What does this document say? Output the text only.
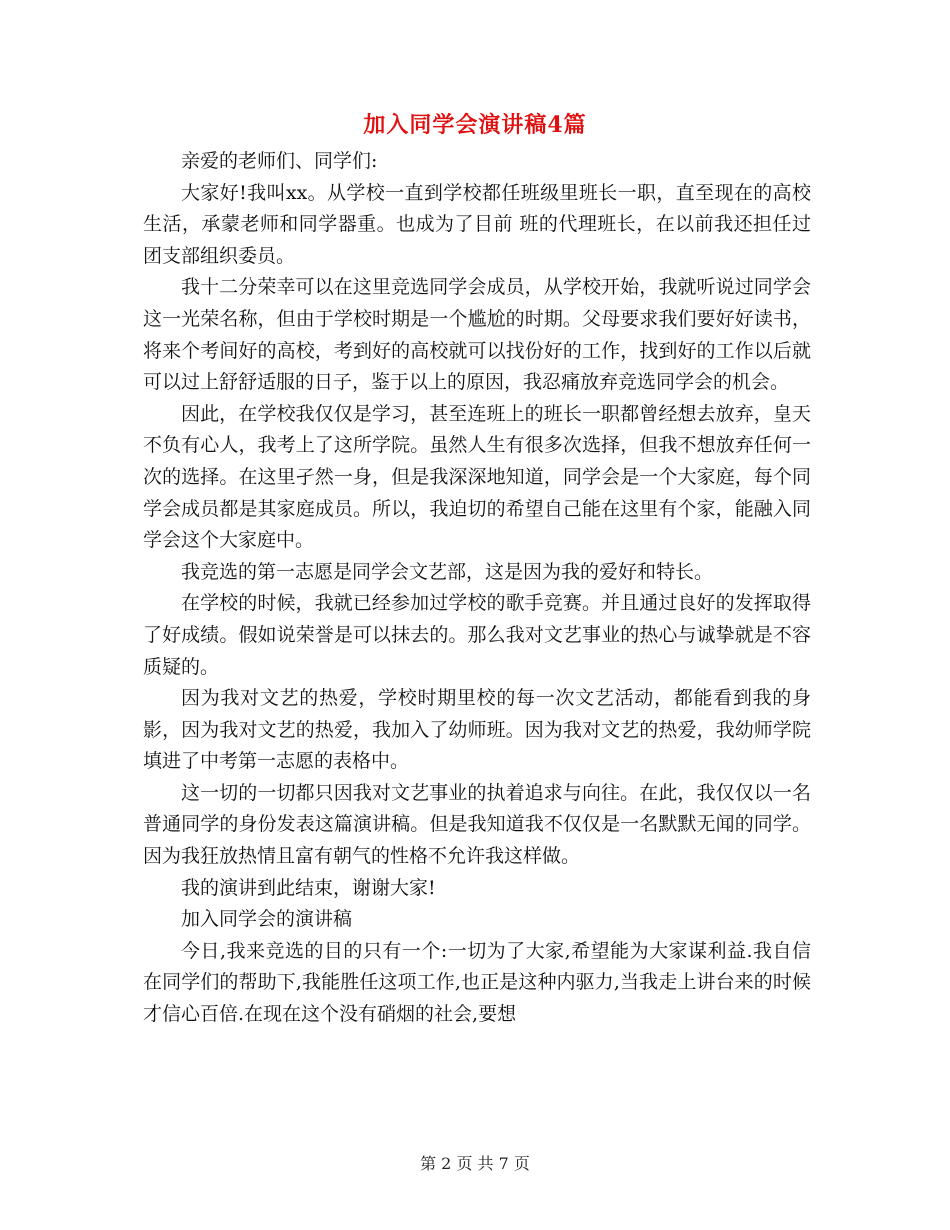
加入同学会演讲稿4篇

亲爱的老师们、同学们:

大家好!我叫xx。从学校一直到学校都任班级里班长一职，直至现在的高校生活，承蒙老师和同学器重。也成为了目前 班的代理班长，在以前我还担任过团支部组织委员。

我十二分荣幸可以在这里竞选同学会成员，从学校开始，我就听说过同学会这一光荣名称，但由于学校时期是一个尴尬的时期。父母要求我们要好好读书，将来个考间好的高校，考到好的高校就可以找份好的工作，找到好的工作以后就可以过上舒舒适服的日子，鉴于以上的原因，我忍痛放弃竞选同学会的机会。

因此，在学校我仅仅是学习，甚至连班上的班长一职都曾经想去放弃，皇天不负有心人，我考上了这所学院。虽然人生有很多次选择，但我不想放弃任何一次的选择。在这里孑然一身，但是我深深地知道，同学会是一个大家庭，每个同学会成员都是其家庭成员。所以，我迫切的希望自己能在这里有个家，能融入同学会这个大家庭中。

我竞选的第一志愿是同学会文艺部，这是因为我的爱好和特长。

在学校的时候，我就已经参加过学校的歌手竞赛。并且通过良好的发挥取得了好成绩。假如说荣誉是可以抹去的。那么我对文艺事业的热心与诚挚就是不容质疑的。

因为我对文艺的热爱，学校时期里校的每一次文艺活动，都能看到我的身影，因为我对文艺的热爱，我加入了幼师班。因为我对文艺的热爱，我幼师学院填进了中考第一志愿的表格中。

这一切的一切都只因我对文艺事业的执着追求与向往。在此，我仅仅以一名普通同学的身份发表这篇演讲稿。但是我知道我不仅仅是一名默默无闻的同学。因为我狂放热情且富有朝气的性格不允许我这样做。

我的演讲到此结束，谢谢大家!

加入同学会的演讲稿

今日,我来竞选的目的只有一个:一切为了大家,希望能为大家谋利益.我自信在同学们的帮助下,我能胜任这项工作,也正是这种内驱力,当我走上讲台来的时候才信心百倍.在现在这个没有硝烟的社会,要想

第 2 页 共 7 页
